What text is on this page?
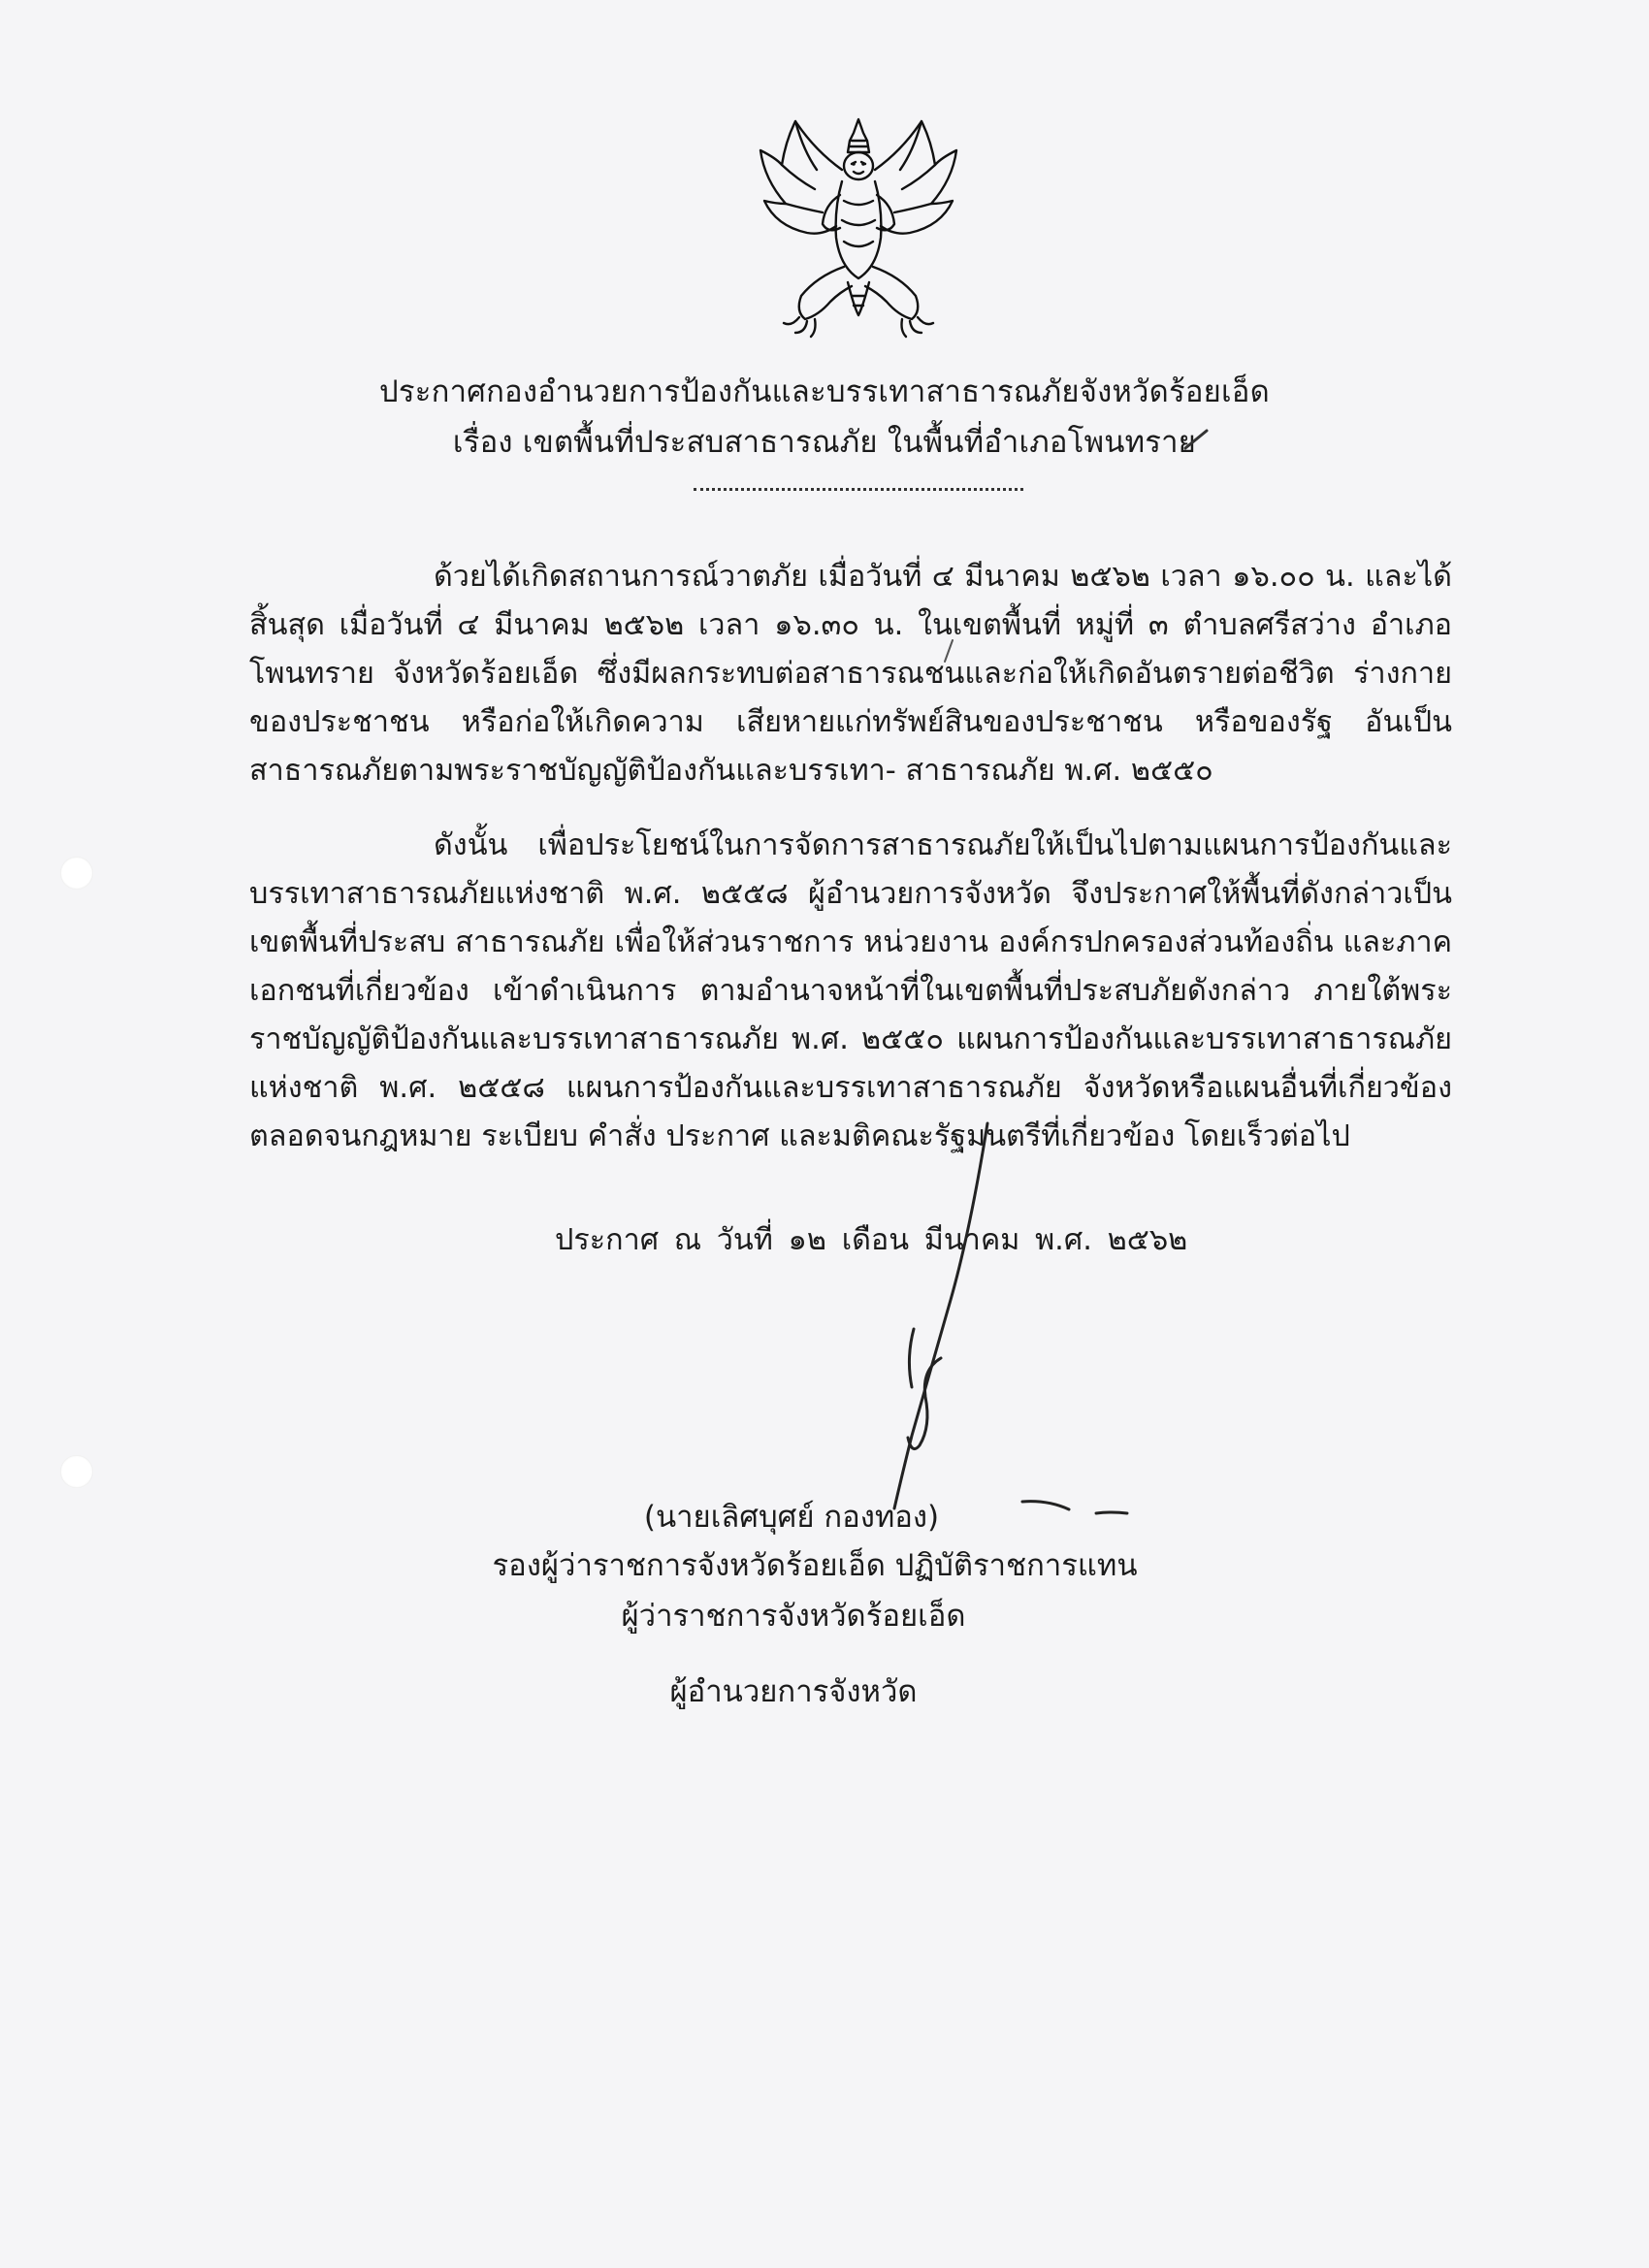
ประกาศกองอำนวยการป้องกันและบรรเทาสาธารณภัยจังหวัดร้อยเอ็ด
เรื่อง เขตพื้นที่ประสบสาธารณภัย ในพื้นที่อำเภอโพนทราย
ด้วยได้เกิดสถานการณ์วาตภัย เมื่อวันที่ ๔ มีนาคม ๒๕๖๒ เวลา ๑๖.๐๐ น. และได้สิ้นสุด เมื่อวันที่ ๔ มีนาคม ๒๕๖๒ เวลา ๑๖.๓๐ น. ในเขตพื้นที่ หมู่ที่ ๓ ตำบลศรีสว่าง อำเภอโพนทราย จังหวัดร้อยเอ็ด ซึ่งมีผลกระทบต่อสาธารณชนและก่อให้เกิดอันตรายต่อชีวิต ร่างกายของประชาชน หรือก่อให้เกิดความ เสียหายแก่ทรัพย์สินของประชาชน หรือของรัฐ อันเป็นสาธารณภัยตามพระราชบัญญัติป้องกันและบรรเทา- สาธารณภัย พ.ศ. ๒๕๕๐
ดังนั้น เพื่อประโยชน์ในการจัดการสาธารณภัยให้เป็นไปตามแผนการป้องกันและ บรรเทาสาธารณภัยแห่งชาติ พ.ศ. ๒๕๕๘ ผู้อำนวยการจังหวัด จึงประกาศให้พื้นที่ดังกล่าวเป็นเขตพื้นที่ประสบ สาธารณภัย เพื่อให้ส่วนราชการ หน่วยงาน องค์กรปกครองส่วนท้องถิ่น และภาคเอกชนที่เกี่ยวข้อง เข้าดำเนินการ ตามอำนาจหน้าที่ในเขตพื้นที่ประสบภัยดังกล่าว ภายใต้พระราชบัญญัติป้องกันและบรรเทาสาธารณภัย พ.ศ. ๒๕๕๐ แผนการป้องกันและบรรเทาสาธารณภัยแห่งชาติ พ.ศ. ๒๕๕๘ แผนการป้องกันและบรรเทาสาธารณภัย จังหวัดหรือแผนอื่นที่เกี่ยวข้อง ตลอดจนกฎหมาย ระเบียบ คำสั่ง ประกาศ และมติคณะรัฐมนตรีที่เกี่ยวข้อง โดยเร็วต่อไป
ประกาศ ณ วันที่ ๑๒ เดือน มีนาคม พ.ศ. ๒๕๖๒
(นายเลิศบุศย์ กองทอง)
รองผู้ว่าราชการจังหวัดร้อยเอ็ด ปฏิบัติราชการแทน
ผู้ว่าราชการจังหวัดร้อยเอ็ด
ผู้อำนวยการจังหวัด
